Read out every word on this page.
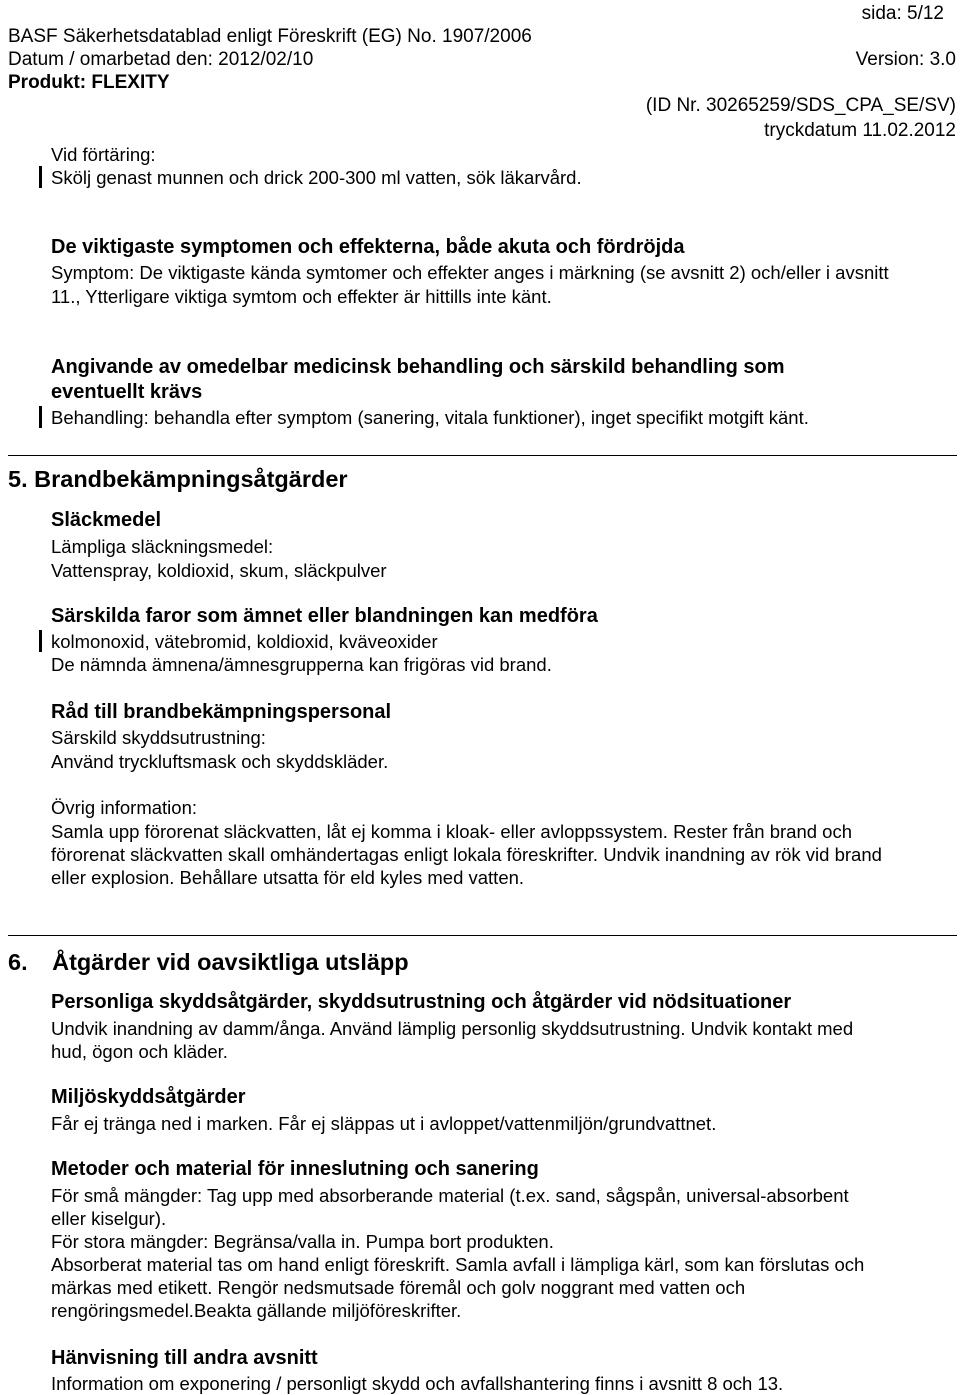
BASF Säkerhetsdatablad enligt Föreskrift (EG) No. 1907/2006
sida: 5/12
Datum / omarbetad den: 2012/02/10	Version: 3.0
Produkt: FLEXITY
(ID Nr. 30265259/SDS_CPA_SE/SV)
tryckdatum 11.02.2012
Vid förtäring:
Skölj genast munnen och drick 200-300 ml vatten, sök läkarvård.
De viktigaste symptomen och effekterna, både akuta och fördröjda
Symptom: De viktigaste kända symtomer och effekter anges i märkning (se avsnitt 2) och/eller i avsnitt
11., Ytterligare viktiga symtom och effekter är hittills inte känt.
Angivande av omedelbar medicinsk behandling och särskild behandling som
eventuellt krävs
Behandling: behandla efter symptom (sanering, vitala funktioner), inget specifikt motgift känt.
5. Brandbekämpningsåtgärder
Släckmedel
Lämpliga släckningsmedel:
Vattenspray, koldioxid, skum, släckpulver
Särskilda faror som ämnet eller blandningen kan medföra
kolmonoxid, vätebromid, koldioxid, kväveoxider
De nämnda ämnena/ämnesgrupperna kan frigöras vid brand.
Råd till brandbekämpningspersonal
Särskild skyddsutrustning:
Använd tryckluftsmask och skyddskläder.
Övrig information:
Samla upp förorenat släckvatten, låt ej komma i kloak- eller avloppssystem. Rester från brand och
förorenat släckvatten skall omhändertagas enligt lokala föreskrifter. Undvik inandning av rök vid brand
eller explosion. Behållare utsatta för eld kyles med vatten.
6. Åtgärder vid oavsiktliga utsläpp
Personliga skyddsåtgärder, skyddsutrustning och åtgärder vid nödsituationer
Undvik inandning av damm/ånga. Använd lämplig personlig skyddsutrustning. Undvik kontakt med
hud, ögon och kläder.
Miljöskyddsåtgärder
Får ej tränga ned i marken. Får ej släppas ut i avloppet/vattenmiljön/grundvattnet.
Metoder och material för inneslutning och sanering
För små mängder: Tag upp med absorberande material (t.ex. sand, sågspån, universal-absorbent
eller kiselgur).
För stora mängder: Begränsa/valla in. Pumpa bort produkten.
Absorberat material tas om hand enligt föreskrift. Samla avfall i lämpliga kärl, som kan förslutas och
märkas med etikett. Rengör nedsmutsade föremål och golv noggrant med vatten och
rengöringsmedel.Beakta gällande miljöföreskrifter.
Hänvisning till andra avsnitt
Information om exponering / personligt skydd och avfallshantering finns i avsnitt 8 och 13.
